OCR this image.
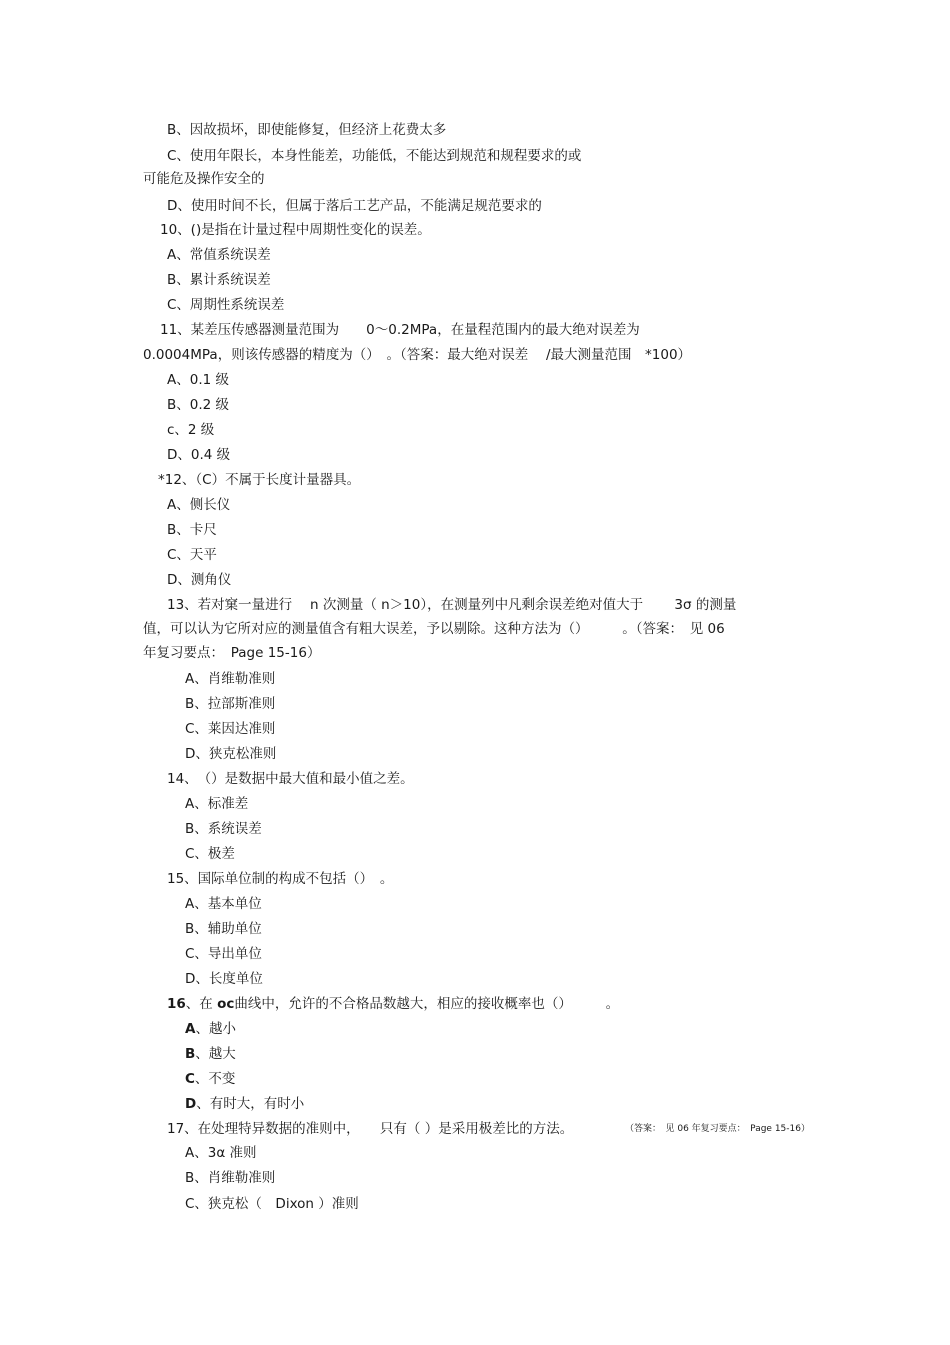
B、因故损坏，即使能修复，但经济上花费太多
C、使用年限长，本身性能差，功能低，不能达到规范和规程要求的或
可能危及操作安全的
D、使用时间不长，但属于落后工艺产品，不能满足规范要求的
10、()是指在计量过程中周期性变化的误差。
A、常值系统误差
B、累计系统误差
C、周期性系统误差
11、某差压传感器测量范围为　　0～0.2MPa，在量程范围内的最大绝对误差为
0.0004MPa，则该传感器的精度为（）　。（答案：最大绝对误差　 /最大测量范围　*100）
A、0.1 级
B、0.2 级
c、2 级
D、0.4 级
*12、（C）不属于长度计量器具。
A、侧长仪
B、卡尺
C、天平
D、测角仪
13、若对窠一量进行　 n 次测量（ n＞10），在测量列中凡剩余误差绝对值大于　　 3σ 的测量
值，可以认为它所对应的测量值含有粗大误差，予以剔除。这种方法为（）　　　。（答案：　见 06
年复习要点：　Page 15-16）
A、肖维勒准则
B、拉部斯准则
C、莱因达准则
D、狭克松准则
14、　（）是数据中最大值和最小值之差。
A、标准差
B、系统误差
C、极差
15、国际单位制的构成不包括（）　。
A、基本单位
B、辅助单位
C、导出单位
D、长度单位
16、在 oc曲线中，允许的不合格品数越大，相应的接收概率也（）　　　。
A、越小
B、越大
C、不变
D、有时大，有时小
17、在处理特异数据的准则中，　　只有（ ）是采用极差比的方法。	（答案：　见 06 年复习要点：　Page 15-16）
A、3α 准则
B、肖维勒准则
C、狭克松（　Dixon ）准则
